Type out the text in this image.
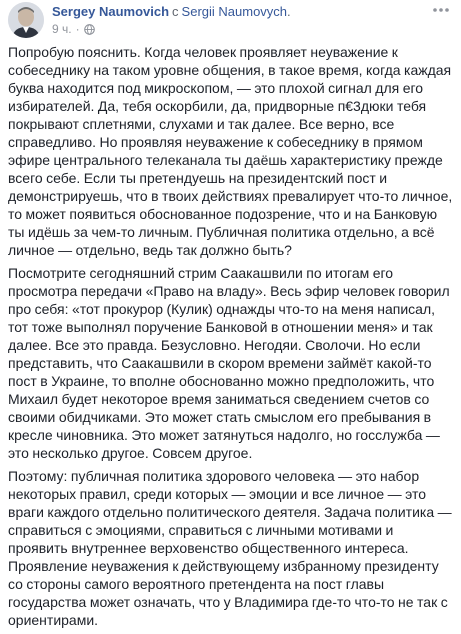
Sergey Naumovich с Sergii Naumovych.
9 ч. ·

Попробую пояснить. Когда человек проявляет неуважение к собеседнику на таком уровне общения, в такое время, когда каждая буква находится под микроскопом, — это плохой сигнал для его избирателей. Да, тебя оскорбили, да, придворные п€3дюки тебя покрывают сплетнями, слухами и так далее. Все верно, все справедливо. Но проявляя неуважение к собеседнику в прямом эфире центрального телеканала ты даёшь характеристику прежде всего себе. Если ты претендуешь на президентский пост и демонстрируешь, что в твоих действиях превалирует что-то личное, то может появиться обоснованное подозрение, что и на Банковую ты идёшь за чем-то личным. Публичная политика отдельно, а всё личное — отдельно, ведь так должно быть?

Посмотрите сегодняшний стрим Саакашвили по итогам его просмотра передачи «Право на владу». Весь эфир человек говорил про себя: «тот прокурор (Кулик) однажды что-то на меня написал, тот тоже выполнял поручение Банковой в отношении меня» и так далее. Все это правда. Безусловно. Негодяи. Сволочи. Но если представить, что Саакашвили в скором времени займёт какой-то пост в Украине, то вполне обоснованно можно предположить, что Михаил будет некоторое время заниматься сведением счетов со своими обидчиками. Это может стать смыслом его пребывания в кресле чиновника. Это может затянуться надолго, но госслужба — это несколько другое. Совсем другое.

Поэтому: публичная политика здорового человека — это набор некоторых правил, среди которых — эмоции и все личное — это враги каждого отдельно политического деятеля. Задача политика — справиться с эмоциями, справиться с личными мотивами и проявить внутреннее верховенство общественного интереса. Проявление неуважения к действующему избранному президенту со стороны самого вероятного претендента на пост главы государства может означать, что у Владимира где-то что-то не так с ориентирами.
